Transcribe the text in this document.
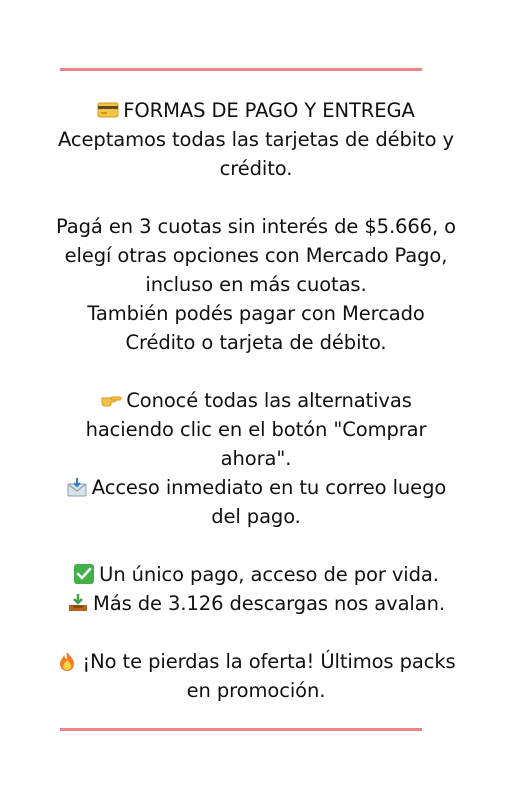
FORMAS DE PAGO Y ENTREGA
Aceptamos todas las tarjetas de débito y
crédito.
Pagá en 3 cuotas sin interés de $5.666, o
elegí otras opciones con Mercado Pago,
incluso en más cuotas.
También podés pagar con Mercado
Crédito o tarjeta de débito.
Conocé todas las alternativas
haciendo clic en el botón "Comprar
ahora".
Acceso inmediato en tu correo luego
del pago.
Un único pago, acceso de por vida.
Más de 3.126 descargas nos avalan.
¡No te pierdas la oferta! Últimos packs
en promoción.
